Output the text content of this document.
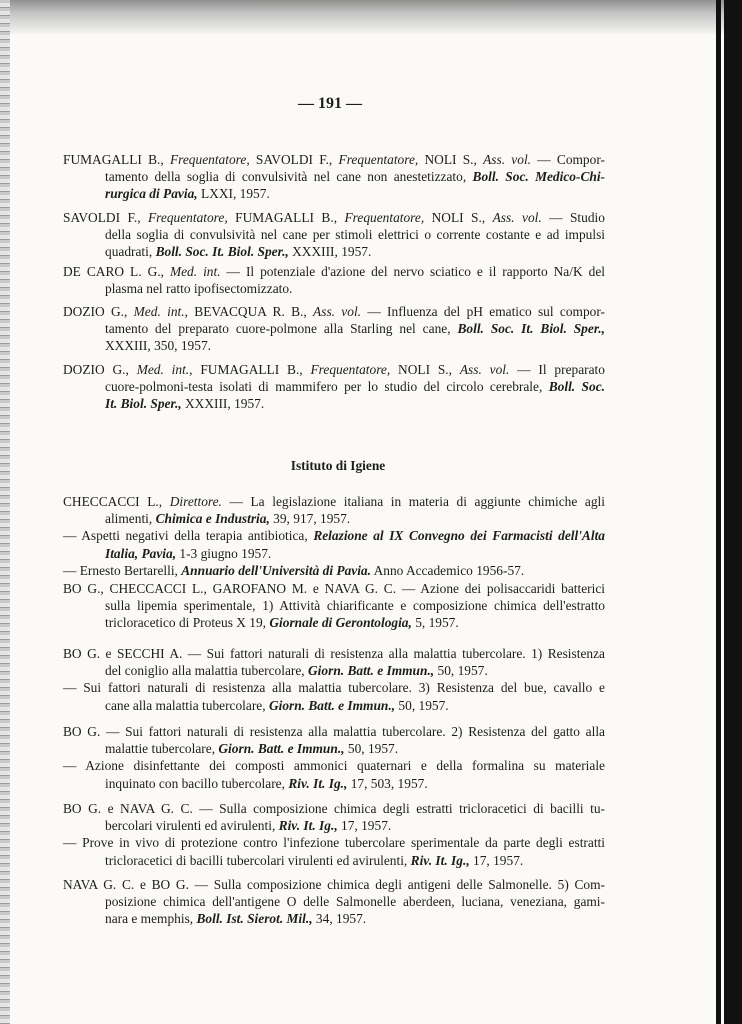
— 191 —
Istituto di Igiene
FUMAGALLI B., Frequentatore, SAVOLDI F., Frequentatore, NOLI S., Ass. vol. — Compor-
tamento della soglia di convulsività nel cane non anestetizzato, Boll. Soc. Medico-Chi-
rurgica di Pavia, LXXI, 1957.
SAVOLDI F., Frequentatore, FUMAGALLI B., Frequentatore, NOLI S., Ass. vol. — Studio
della soglia di convulsività nel cane per stimoli elettrici o corrente costante e ad impulsi
quadrati, Boll. Soc. It. Biol. Sper., XXXIII, 1957.
DE CARO L. G., Med. int. — Il potenziale d'azione del nervo sciatico e il rapporto Na/K del
plasma nel ratto ipofisectomizzato.
DOZIO G., Med. int., BEVACQUA R. B., Ass. vol. — Influenza del pH ematico sul compor-
tamento del preparato cuore-polmone alla Starling nel cane, Boll. Soc. It. Biol. Sper.,
XXXIII, 350, 1957.
DOZIO G., Med. int., FUMAGALLI B., Frequentatore, NOLI S., Ass. vol. — Il preparato
cuore-polmoni-testa isolati di mammifero per lo studio del circolo cerebrale, Boll. Soc.
It. Biol. Sper., XXXIII, 1957.
CHECCACCI L., Direttore. — La legislazione italiana in materia di aggiunte chimiche agli
alimenti, Chimica e Industria, 39, 917, 1957.
— Aspetti negativi della terapia antibiotica, Relazione al IX Convegno dei Farmacisti dell'Alta
Italia, Pavia, 1-3 giugno 1957.
— Ernesto Bertarelli, Annuario dell'Università di Pavia. Anno Accademico 1956-57.
BO G., CHECCACCI L., GAROFANO M. e NAVA G. C. — Azione dei polisaccaridi batterici
sulla lipemia sperimentale, 1) Attività chiarificante e composizione chimica dell'estratto
tricloracetico di Proteus X 19, Giornale di Gerontologia, 5, 1957.
BO G. e SECCHI A. — Sui fattori naturali di resistenza alla malattia tubercolare. 1) Resistenza
del coniglio alla malattia tubercolare, Giorn. Batt. e Immun., 50, 1957.
— Sui fattori naturali di resistenza alla malattia tubercolare. 3) Resistenza del bue, cavallo e
cane alla malattia tubercolare, Giorn. Batt. e Immun., 50, 1957.
BO G. — Sui fattori naturali di resistenza alla malattia tubercolare. 2) Resistenza del gatto alla
malattie tubercolare, Giorn. Batt. e Immun., 50, 1957.
— Azione disinfettante dei composti ammonici quaternari e della formalina su materiale
inquinato con bacillo tubercolare, Riv. It. Ig., 17, 503, 1957.
BO G. e NAVA G. C. — Sulla composizione chimica degli estratti tricloracetici di bacilli tu-
bercolari virulenti ed avirulenti, Riv. It. Ig., 17, 1957.
— Prove in vivo di protezione contro l'infezione tubercolare sperimentale da parte degli estratti
tricloracetici di bacilli tubercolari virulenti ed avirulenti, Riv. It. Ig., 17, 1957.
NAVA G. C. e BO G. — Sulla composizione chimica degli antigeni delle Salmonelle. 5) Com-
posizione chimica dell'antigene O delle Salmonelle aberdeen, luciana, veneziana, gami-
nara e memphis, Boll. Ist. Sierot. Mil., 34, 1957.
